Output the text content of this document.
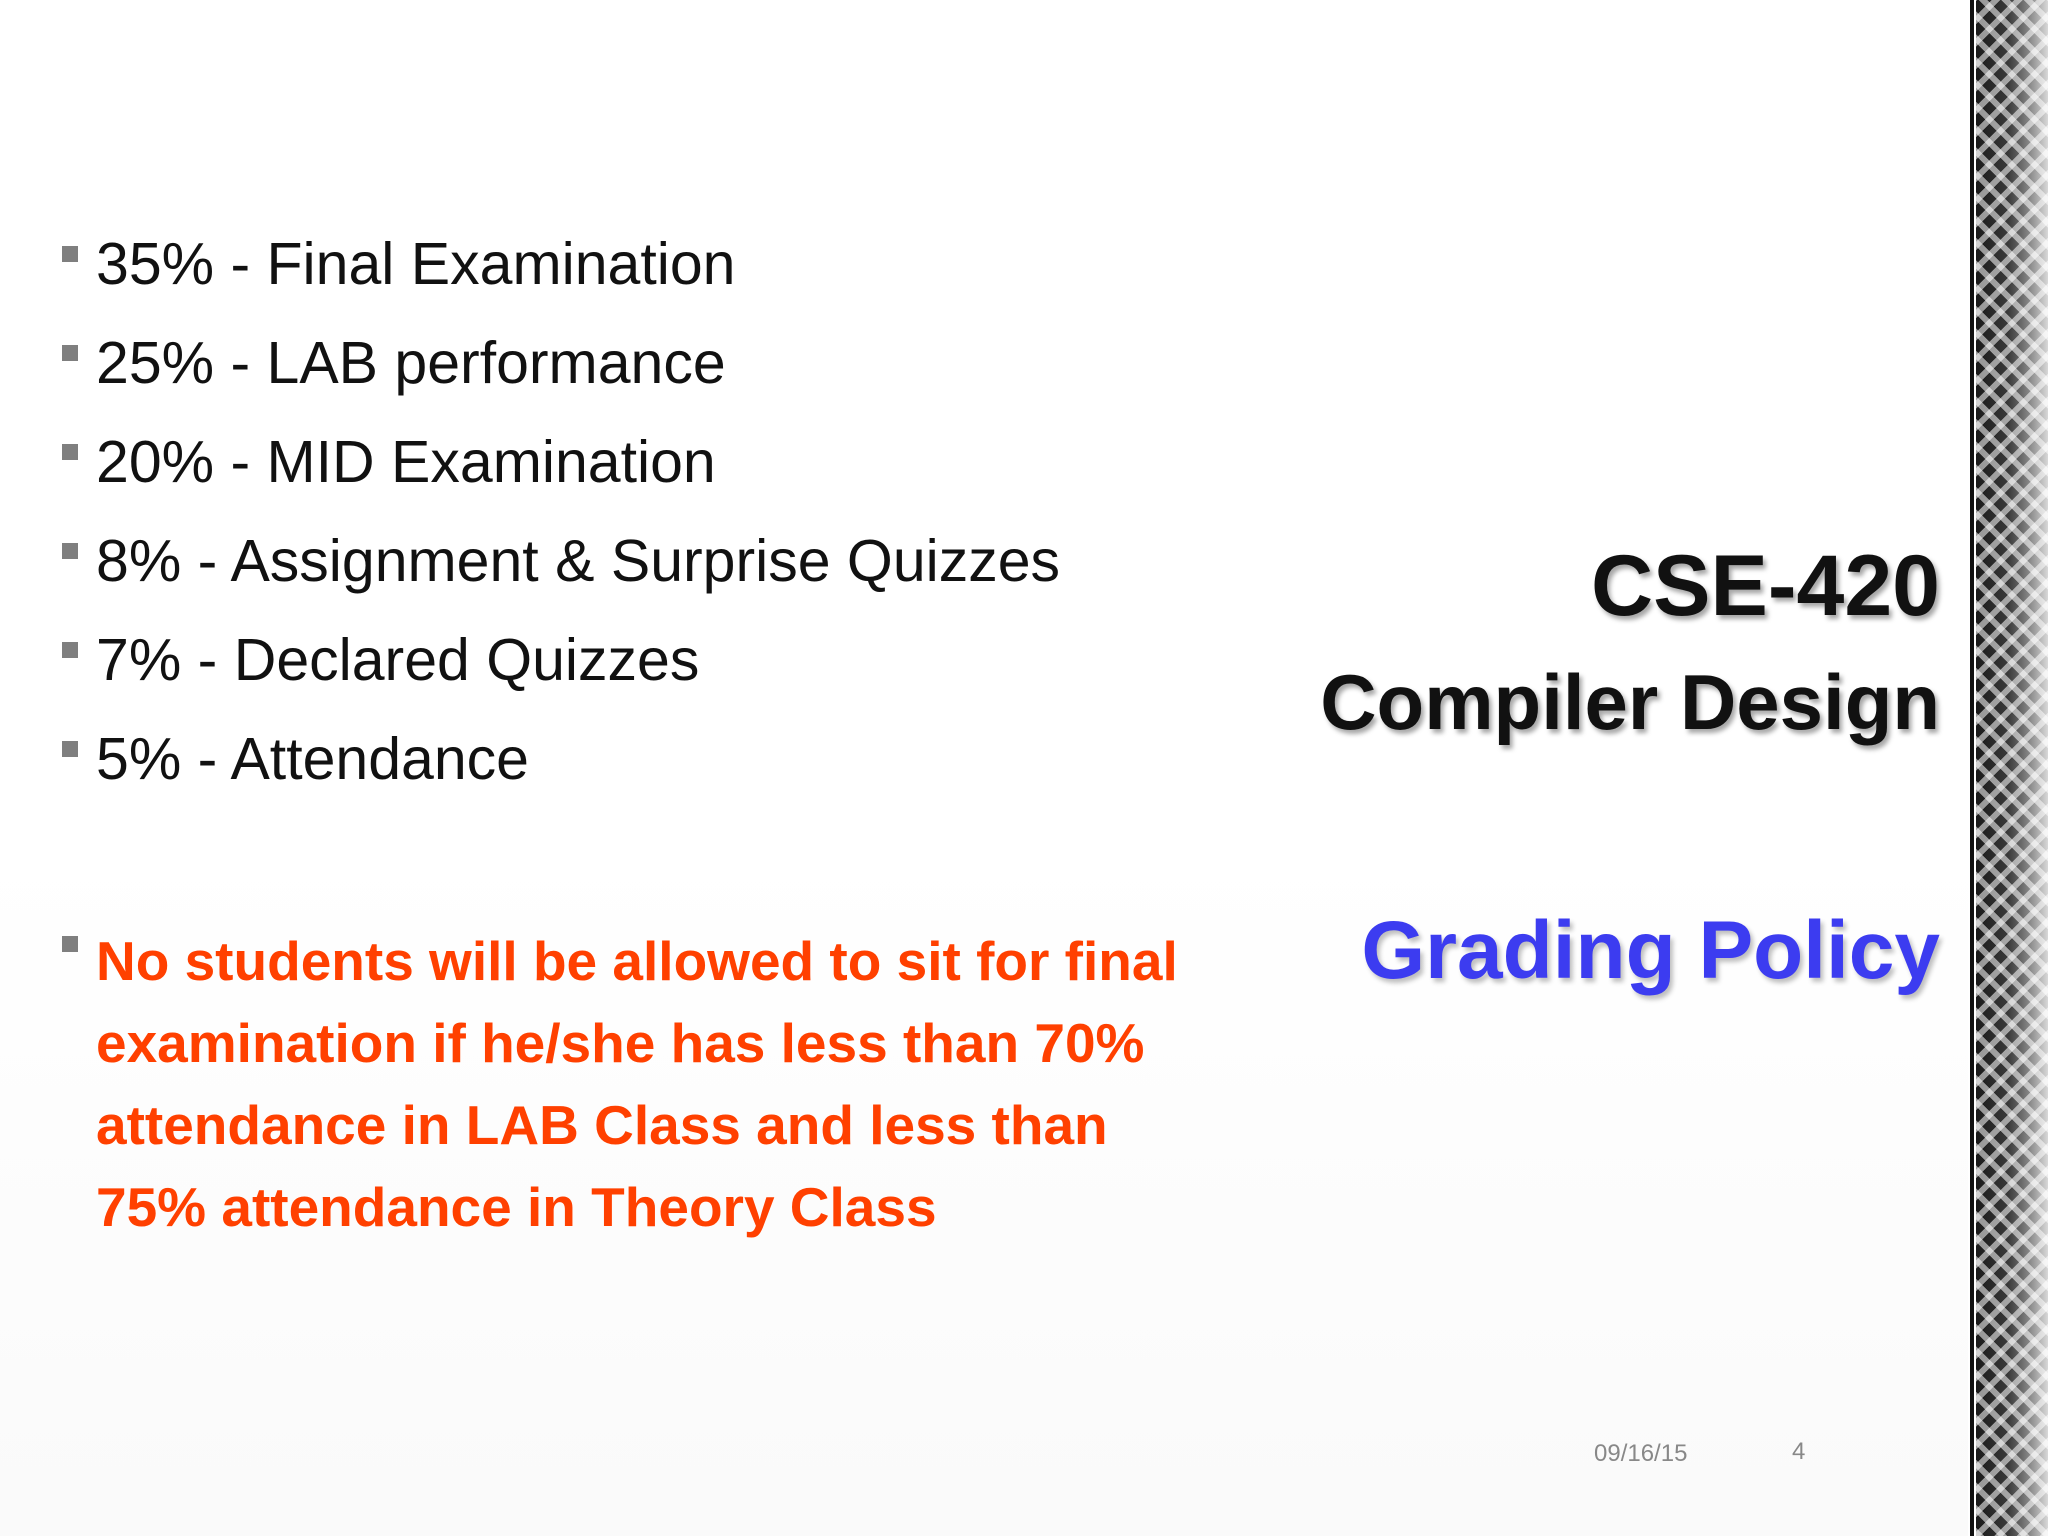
35% - Final Examination
25% - LAB performance
20% - MID Examination
8% - Assignment & Surprise Quizzes
7% - Declared Quizzes
5% - Attendance

No students will be allowed to sit for final examination if he/she has less than 70% attendance in LAB Class and less than 75% attendance in Theory Class

CSE-420

Compiler Design

Grading Policy

09/16/15	4
